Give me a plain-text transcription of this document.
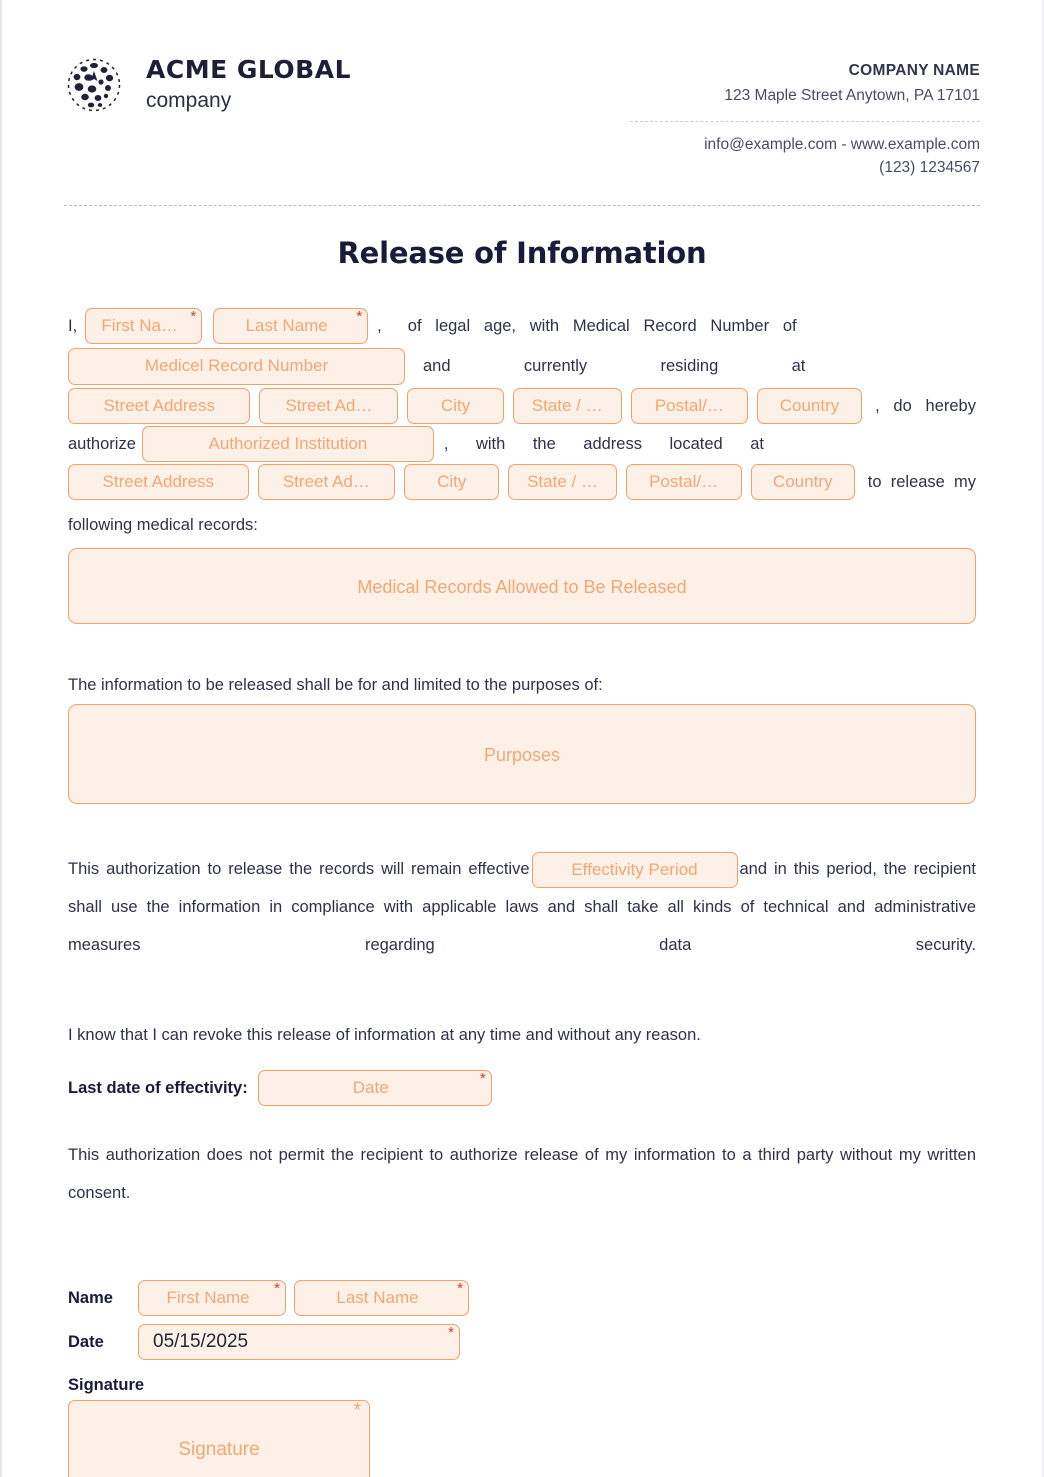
ACME GLOBAL
company
COMPANY NAME
123 Maple Street Anytown, PA 17101
info@example.com - www.example.com
(123) 1234567
Release of Information
I,	First Na… *	Last Name *
, of   legal   age,   with   Medical   Record   Number   of
Medicel Record Number	and                currently                residing                at
Street Address	Street Ad…	City	State / …	Postal/…	Country	,   do   hereby
authorize	Authorized Institution	,      with      the      address      located      at
Street Address	Street Ad…	City	State / …	Postal/…	Country	to  release  my
following medical records:
Medical Records Allowed to Be Released
The information to be released shall be for and limited to the purposes of:
Purposes
This authorization to release the records will remain effective Effectivity Period	and in this period, the recipient shall use the information in compliance with applicable laws and shall take all kinds of technical and administrative measures regarding data security.
I know that I can revoke this release of information at any time and without any reason.
Last date of effectivity:	Date	*
This authorization does not permit the recipient to authorize release of my information to a third party without my written consent.
Name	First Name *	Last Name	*
Date	05/15/2025	*
Signature
Signature
*
